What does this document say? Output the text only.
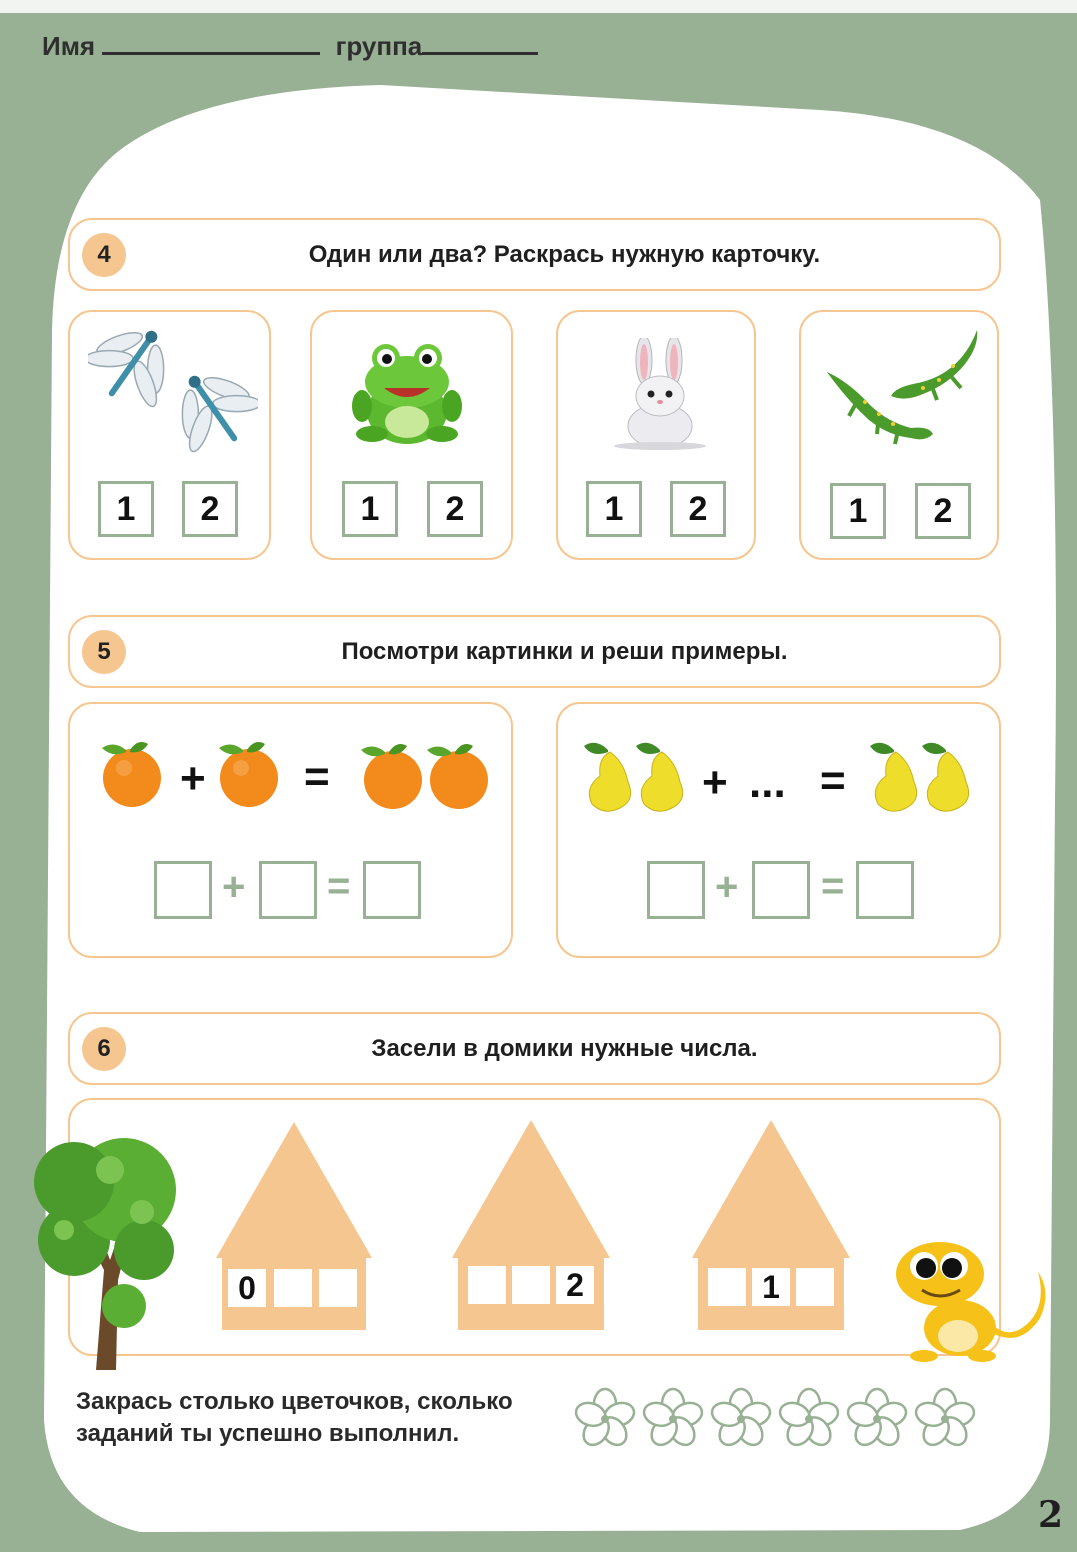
Имя	группа
4	Один или два? Раскрась нужную карточку.
1	2	1	2	1	2	1	2
5	Посмотри картинки и реши примеры.
+ =
+ =
+ ... =
+ =
6	Засели в домики нужные числа.
0	2	1
Закрась столько цветочков, сколько
заданий ты успешно выполнил.
2
